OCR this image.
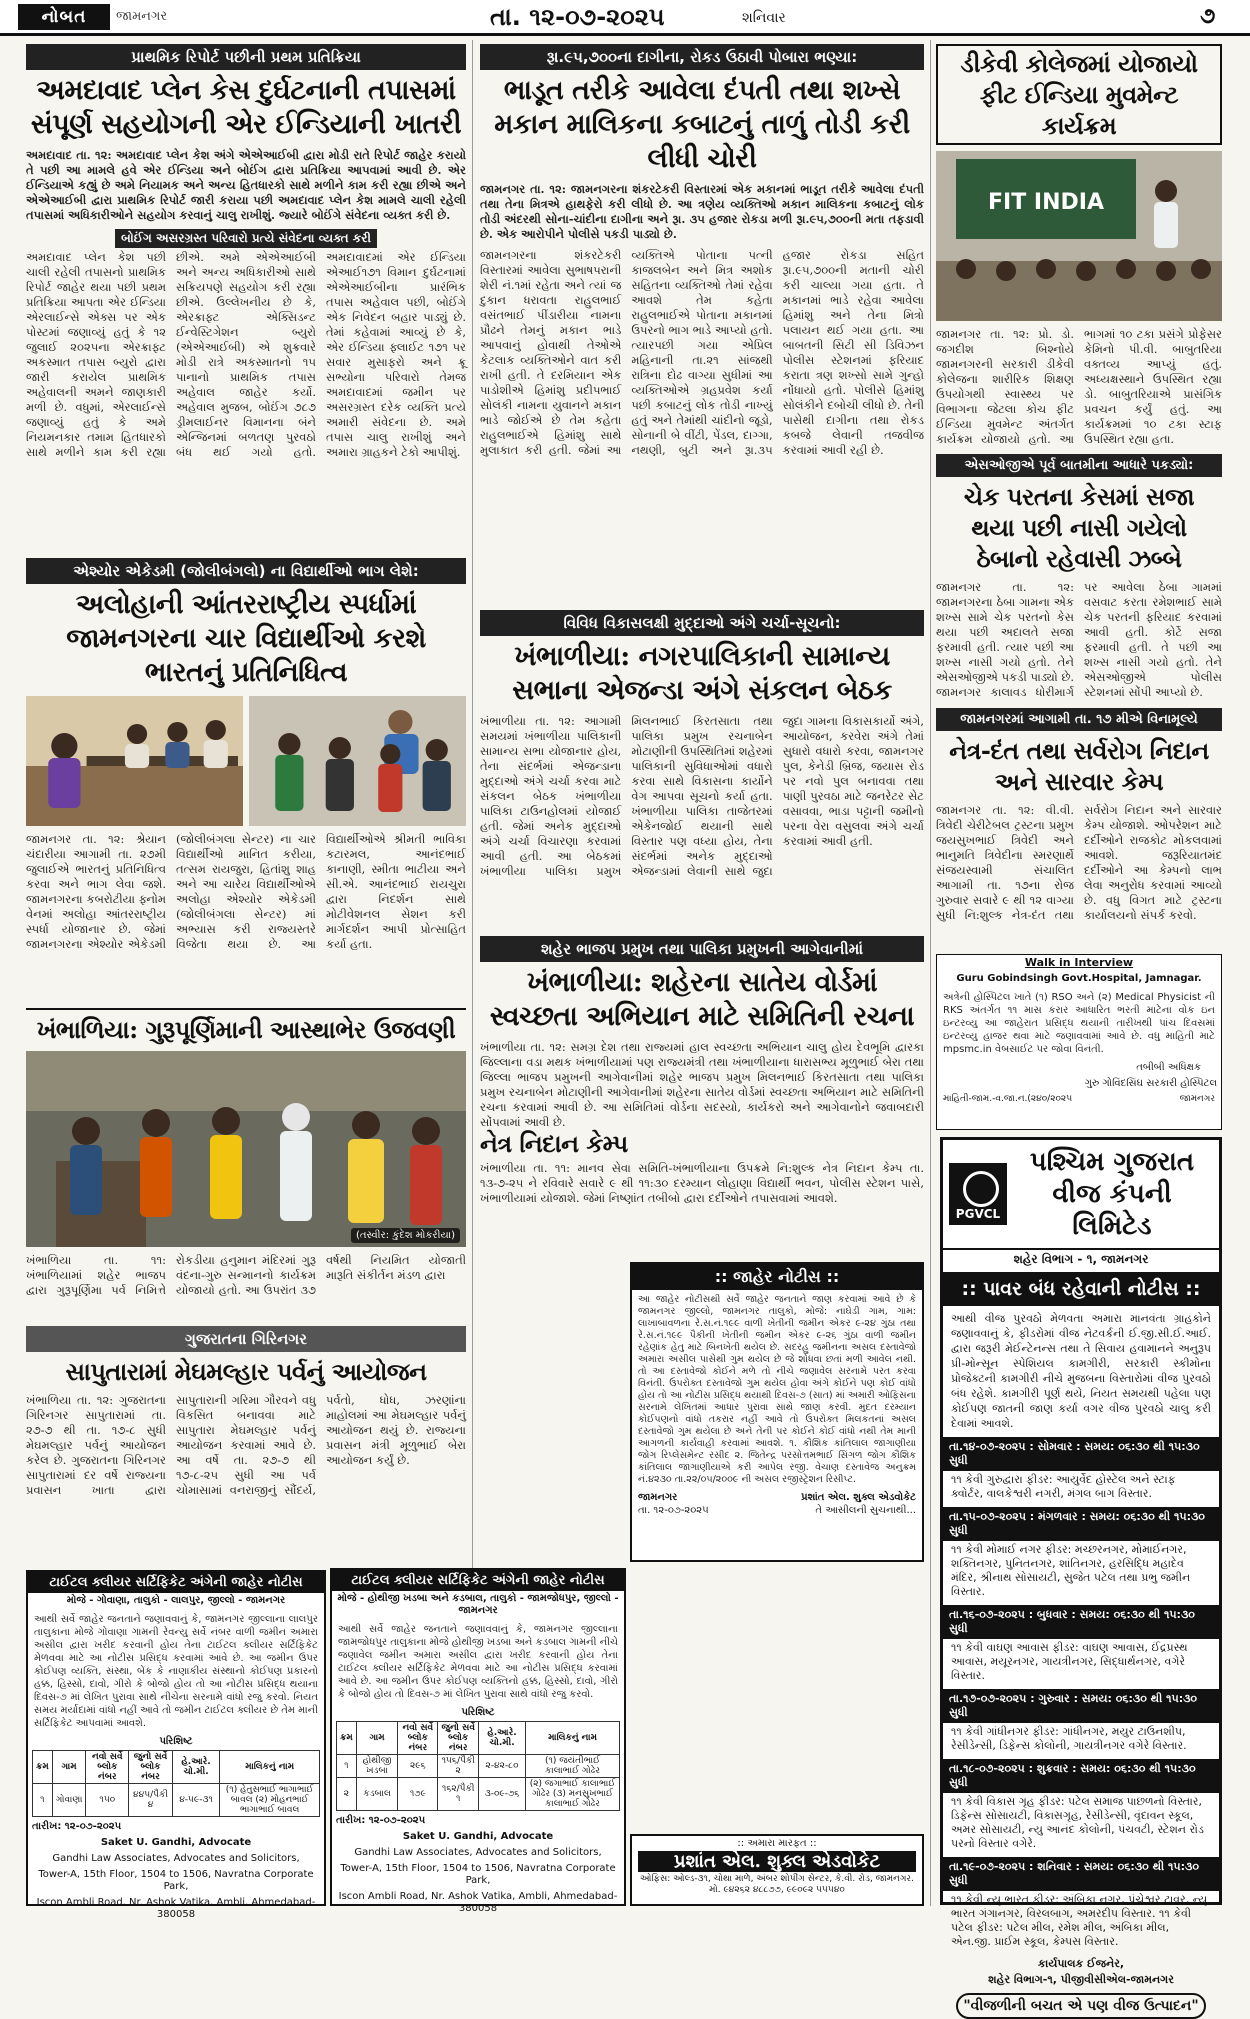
નોબત	જામનગર	તા. ૧૨-૦૭-૨૦૨૫	શનિવાર	૭
પ્રાથમિક રિપોર્ટ પછીની પ્રથમ પ્રતિક્રિયા
અમદાવાદ પ્લેન કેસ દુર્ઘટનાની તપાસમાં સંપૂર્ણ સહયોગની એર ઈન્ડિયાની ખાતરી
અમદાવાદ તા. ૧૨: અમદાવાદ પ્લેન કેશ અંગે એએઆઈબી દ્વારા મોડી રાતે રિપોર્ટ જાહેર કરાયો તે પછી આ મામલે હવે એર ઈન્ડિયા અને બોઈંગ દ્વારા પ્રતિક્રિયા આપવામાં આવી છે. એર ઈન્ડિયાએ કહ્યું છે અમે નિયામક અને અન્ય હિતધારકો સાથે મળીને કામ કરી રહ્યા છીએ અને એએઆઈબી દ્વારા પ્રાથમિક રિપોર્ટ જારી કરાયા પછી અમદાવાદ પ્લેન કેશ મામલે ચાલી રહેલી તપાસમાં અધિકારીઓને સહયોગ કરવાનું ચાલુ રાખીશું. જ્યારે બોઈંગે સંવેદના વ્યક્ત કરી છે.
બોઈંગ અસરગ્રસ્ત પરિવારો પ્રત્યે સંવેદના વ્યક્ત કરી
અમદાવાદ પ્લેન કેશ પછી ચાલી રહેલી તપાસનો પ્રાથમિક રિપોર્ટ જાહેર થયા પછી પ્રથમ પ્રતિક્રિયા આપતા એર ઈન્ડિયા એરલાઈન્સે એક્સ પર એક પોસ્ટમાં જણાવ્યું હતું કે ૧૨ જુલાઈ ૨૦૨૫ના એરક્રાફ્ટ અકસ્માત તપાસ બ્યુરો દ્વારા જારી કરાયેલ પ્રાથમિક અહેવાલની અમને જાણકારી મળી છે. વધુમાં, એરલાઈન્સે જણાવ્યું હતું કે અમે નિયમનકાર તમામ હિતધારકો સાથે મળીને કામ કરી રહ્યા છીએ. અમે એએઆઈબી અને અન્ય અધિકારીઓ સાથે સક્રિયપણે સહયોગ કરી રહ્યા છીએ. ઉલ્લેખનીય છે કે, એરક્રાફ્ટ એક્સિડન્ટ ઈન્વેસ્ટિગેશન બ્યુરો (એએઆઈબી) એ શુક્રવારે મોડી રાત્રે અકસ્માતનો ૧૫ પાનાનો પ્રાથમિક તપાસ અહેવાલ જાહેર કર્યો. અહેવાલ મુજબ, બોઈંગ ૭૮૭ ડ્રીમલાઈનર વિમાનના બંને એન્જિનમાં બળતણ પુરવઠો બંધ થઈ ગયો હતો. અમદાવાદમાં એર ઈન્ડિયા એઆઈ૧૭૧ વિમાન દુર્ઘટનામાં એએઆઈબીના પ્રારંભિક તપાસ અહેવાલ પછી, બોઈંગે એક નિવેદન બહાર પાડ્યું છે. તેમાં કહેવામાં આવ્યું છે કે, એર ઈન્ડિયા ફ્લાઈટ ૧૭૧ પર સવાર મુસાફરો અને ક્રૂ સભ્યોના પરિવારો તેમજ અમદાવાદમાં જમીન પર અસરગ્રસ્ત દરેક વ્યક્તિ પ્રત્યે અમારી સંવેદના છે. અમે તપાસ ચાલુ રાખીશું અને અમારા ગ્રાહકને ટેકો આપીશું.
એશ્યોર એકેડમી (જોલીબંગલો) ના વિદ્યાર્થીઓ ભાગ લેશે:
અલોહાની આંતરરાષ્ટ્રીય સ્પર્ધામાં જામનગરના ચાર વિદ્યાર્થીઓ કરશે ભારતનું પ્રતિનિધિત્વ
જામનગર તા. ૧૨: શ્રેયાન ચંદારીયા આગામી તા. ૨૭મી જુલાઈએ ભારતનું પ્રતિનિધિત્વ કરવા અને ભાગ લેવા જશે. જામનગરના કબરોટીયા ફ્નોમ વેનમાં અલોહા આંતરરાષ્ટ્રીય સ્પર્ધા યોજાનાર છે. જેમાં જામનગરના એશ્યોર એકેડમી (જોલીબંગલા સેન્ટર) ના ચાર વિદ્યાર્થીઓ માનિત કરીયા, તત્સમ રાયજુરા, હિતાંશુ શાહ અને આ ચારેય વિદ્યાર્થીઓએ અલોહા એશ્યોર એકેડમી (જોલીબંગલા સેન્ટર) માં અભ્યાસ કરી રાજ્યસ્તરે વિજેતા થયા છે. આ વિદ્યાર્થીઓએ શ્રીમતી ભાવિકા કટારમલ, આનંદભાઈ કાનાણી, સ્મીતા ભાટીયા અને સી.એ. આનંદભાઈ રાયચુરા દ્વારા નિદર્શન સાથે મોટીવેશનલ સેશન કરી માર્ગદર્શન આપી પ્રોત્સાહિત કર્યા હતા.
ખંભાળિયા: ગુરૂપૂર્ણિમાની આસ્થાભેર ઉજવણી
(તસ્વીર: કુંદેશ મોકરીયા)
ખંભાળિયા તા. ૧૧: ખંભાળિયામાં શહેર ભાજપ દ્વારા ગુરૂપૂર્ણિમા પર્વ નિમિત્તે રોકડીયા હનુમાન મંદિરમાં ગુરૂ વંદના-ગુરુ સન્માનનો કાર્યક્રમ યોજાયો હતો. આ ઉપરાંત ૩૭ વર્ષથી નિયમિત યોજાતી મારૂતિ સંકીર્તન મંડળ દ્વારા
ગુજરાતના ગિરિનગર
સાપુતારામાં મેઘમલ્હાર પર્વનું આયોજન
ખંભાળિયા તા. ૧૨: ગુજરાતના ગિરિનગર સાપુતારામાં તા. ૨૭-૭ થી તા. ૧૭-૮ સુધી મેઘમલ્હાર પર્વનું આયોજન કરેલ છે. ગુજરાતના ગિરિનગર સાપુતારામાં દર વર્ષે રાજ્યના પ્રવાસન ખાતા દ્વારા સાપુતારાની ગરિમા ગૌરવને વધુ વિકસિત બનાવવા માટે સાપુતારા મેઘમલ્હાર પર્વનું આયોજન કરવામાં આવે છે. આ વર્ષે તા. ૨૭-૭ થી ૧૭-૮-૨૫ સુધી આ પર્વ ચોમાસામાં વનરાજીનું સૌંદર્ય, પર્વતો, ધોધ, ઝરણાંના માહોલમાં આ મેઘમલ્હાર પર્વનું આયોજન થયું છે. રાજ્યના પ્રવાસન મંત્રી મૂળુભાઈ બેરા આયોજન કર્યું છે.
ટાઈટલ ક્લીયર સર્ટિફિકેટ અંગેની જાહેર નોટીસ
મોજે - ગોવાણા, તાલુકો - લાલપુર, જીલ્લો - જામનગર
આથી સર્વે જાહેર જનતાને જણાવવાનું કે, જામનગર જીલ્લાના લાલપુર તાલુકાના મોજે ગોવાણા ગામની રેવન્યુ સર્વે નંબર વાળી જમીન અમારા અસીલ દ્વારા ખરીદ કરવાની હોય તેના ટાઈટલ ક્લીયર સર્ટિફિકેટ મેળવવા માટે આ નોટીસ પ્રસિદ્ધ કરવામાં આવે છે. આ જમીન ઉપર કોઈપણ વ્યક્તિ, સંસ્થા, બેંક કે નાણાકીય સંસ્થાનો કોઈપણ પ્રકારનો હક્ક, હિસ્સો, દાવો, ગીરો કે બોજો હોય તો આ નોટીસ પ્રસિદ્ધ થયાના દિવસ-૭ માં લેખિત પુરાવા સાથે નીચેના સરનામે વાંધો રજુ કરવો. નિયત સમય મર્યાદામાં વાંધો નહીં આવે તો જમીન ટાઈટલ ક્લીયર છે તેમ માની સર્ટિફિકેટ આપવામાં આવશે.
પરિશિષ્ટ
ક્રમ	ગામ	નવો સર્વે બ્લોક નંબર	જુનો સર્વે બ્લોક નંબર	હે.આરે. ચો.મી.	માલિકનું નામ
૧	ગોવાણા	૧૫૦	૪૪૫/પૈકી ૪	૪-૫૯-૩૧	(૧) હેતુસભાઈ ભાગાભાઈ બાવલ (૨) મોહનભાઈ ભાગાભાઈ બાવલ
તારીખ: ૧૨-૦૭-૨૦૨૫
Saket U. Gandhi, Advocate
Gandhi Law Associates, Advocates and Solicitors,
Tower-A, 15th Floor, 1504 to 1506, Navratna Corporate Park,
Iscon Ambli Road, Nr. Ashok Vatika, Ambli, Ahmedabad-380058
રૂા.૯૫,૭૦૦ના દાગીના, રોકડ ઉઠાવી પોબારા ભણ્યા:
ભાડૂત તરીકે આવેલા દંપતી તથા શખ્સે મકાન માલિકના કબાટનું તાળું તોડી કરી લીધી ચોરી
જામનગર તા. ૧૨: જામનગરના શંકરટેકરી વિસ્તારમાં એક મકાનમાં ભાડૂત તરીકે આવેલા દંપતી તથા તેના મિત્રએ હાથફેરો કરી લીધો છે. આ ત્રણેય વ્યક્તિઓ મકાન માલિકના કબાટનું લોક તોડી અંદરથી સોના-ચાંદીના દાગીના અને રૂા. ૩૫ હજાર રોકડા મળી રૂા.૯૫,૭૦૦ની મતા તફડાવી છે. એક આરોપીને પોલીસે પકડી પાડ્યો છે.
જામનગરના શંકરટેકરી વિસ્તારમાં આવેલા સુભાષપરાની શેરી નં.૧માં રહેતા અને ત્યાં જ દુકાન ધરાવતા રાહુલભાઈ વસંતભાઈ પીંડારીયા નામના પ્રૌઢને તેમનું મકાન ભાડે આપવાનું હોવાથી તેઓએ કેટલાક વ્યક્તિઓને વાત કરી રાખી હતી. તે દરમિયાન એક પાડોશીએ હિમાંશુ પ્રદીપભાઈ સોલંકી નામના યુવાનને મકાન ભાડે જોઈએ છે તેમ કહેતા રાહુલભાઈએ હિમાંશુ સાથે મુલાકાત કરી હતી. જેમાં આ વ્યક્તિએ પોતાના પત્ની કાજલબેન અને મિત્ર અશોક સહિતના વ્યક્તિઓ તેમાં રહેવા આવશે તેમ કહેતા રાહુલભાઈએ પોતાના મકાનમાં ઉપરનો ભાગ ભાડે આપ્યો હતો. ત્યારપછી ગયા એપ્રિલ મહિનાની તા.૨૧ સાંજથી રાત્રિના દોઢ વાગ્યા સુધીમાં આ વ્યક્તિઓએ ગ્રહપ્રવેશ કર્યા પછી કબાટનું લોક તોડી નાખ્યું હતું અને તેમાંથી ચાંદીનો જૂડો, સોનાની બે વીંટી, પેંડલ, દાગ્ગા, નથણી, બુટી અને રૂા.૩૫ હજાર રોકડા સહિત રૂા.૯૫,૭૦૦ની મતાની ચોરી કરી ચાલ્યા ગયા હતા. તે મકાનમાં ભાડે રહેવા આવેલા હિમાંશુ અને તેના મિત્રો પલાયન થઈ ગયા હતા. આ બાબતની સિટી સી ડિવિઝન પોલીસ સ્ટેશનમાં ફરિયાદ કરાતા ત્રણ શખ્સો સામે ગુન્હો નોંધાયો હતો. પોલીસે હિમાંશુ સોલંકીને દબોચી લીધો છે. તેની પાસેથી દાગીના તથા રોકડ કબજે લેવાની તજવીજ કરવામાં આવી રહી છે.
વિવિધ વિકાસલક્ષી મુદ્દાઓ અંગે ચર્ચા-સૂચનો:
ખંભાળીયા: નગરપાલિકાની સામાન્ય સભાના એજન્ડા અંગે સંકલન બેઠક
ખંભાળીયા તા. ૧૨: આગામી સમયમાં ખંભાળીયા પાલિકાની સામાન્ય સભા યોજાનાર હોય, તેના સંદર્ભમાં એજન્ડાના મુદ્દાઓ અંગે ચર્ચા કરવા માટે સંકલન બેઠક ખંભાળીયા પાલિકા ટાઉનહોલમાં યોજાઈ હતી. જેમાં અનેક મુદ્દાઓ અંગે ચર્ચા વિચારણા કરવામાં આવી હતી. આ બેઠકમાં ખંભાળીયા પાલિકા પ્રમુખ મિલનભાઈ કિરતસાતા તથા પાલિકા પ્રમુખ રચનાબેન મોટાણીની ઉપસ્થિતિમાં શહેરમાં પાલિકાની સુવિધાઓમાં વધારો કરવા સાથે વિકાસના કાર્યોને વેગ આપવા સૂચનો કર્યા હતા. ખંભાળીયા પાલિકા તાજેતરમાં એકેનજોઈ થયાની સાથે વિસ્તાર પણ વધ્યા હોય, તેના સંદર્ભમાં અનેક મુદ્દાઓ એજન્ડામાં લેવાની સાથે જુદા જુદા ગામના વિકાસકાર્યો અંગે, આયોજન, કરવેરા અંગે તેમાં સુધારો વધારો કરવા, જામનગર પુલ, કેનેડી બ્રિજ, જયાસ રોડ પર નવો પુલ બનાવવા તથા પાણી પુરવઠા માટે જનરેટર સેટ વસાવવા, ભાડા પટ્ટાની જમીનો પરના વેરા વસુલવા અંગે ચર્ચા કરવામાં આવી હતી.
શહેર ભાજપ પ્રમુખ તથા પાલિકા પ્રમુખની આગેવાનીમાં
ખંભાળીયા: શહેરના સાતેય વોર્ડમાં સ્વચ્છતા અભિયાન માટે સમિતિની રચના
ખંભાળીયા તા. ૧૨: સમગ્ર દેશ તથા રાજ્યમાં હાલ સ્વચ્છતા અભિયાન ચાલુ હોય દેવભૂમિ દ્વારકા જિલ્લાના વડા મથક ખંભાળીયામાં પણ રાજ્યમંત્રી તથા ખંભાળીયાના ધારાસભ્ય મૂળુભાઈ બેરા તથા જિલ્લા ભાજપ પ્રમુખની આગેવાનીમાં શહેર ભાજપ પ્રમુખ મિલનભાઈ કિરતસાતા તથા પાલિકા પ્રમુખ રચનાબેન મોટાણીની આગેવાનીમાં શહેરના સાતેય વોર્ડમાં સ્વચ્છતા અભિયાન માટે સમિતિની રચના કરવામાં આવી છે. આ સમિતિમાં વોર્ડના સદસ્યો, કાર્યકરો અને આગેવાનોને જવાબદારી સોંપવામાં આવી છે.
નેત્ર નિદાન કેમ્પ
ખંભાળીયા તા. ૧૧: માનવ સેવા સમિતિ-ખંભાળીયાના ઉપક્રમે નિ:શુલ્ક નેત્ર નિદાન કેમ્પ તા. ૧૩-૭-૨૫ ને રવિવારે સવારે ૯ થી ૧૧:૩૦ દરમ્યાન લોહાણા વિદ્યાર્થી ભવન, પોલીસ સ્ટેશન પાસે, ખંભાળીયામાં યોજાશે. જેમાં નિષ્ણાંત તબીબો દ્વારા દર્દીઓને તપાસવામાં આવશે.
:: જાહેર નોટીસ ::
આ જાહેર નોટીસથી સર્વે જાહેર જનતાને જાણ કરવામાં આવે છે કે જામનગર જીલ્લો, જામનગર તાલુકો, મોજે: નાઘેડી ગામ, ગામ: લાખાબાવળના રે.સ.નં.૧૯૯ વાળી ખેતીની જમીન એકર ૯-૨૪ ગુંઠા તથા રે.સ.નં.૧૯૯ પૈકીની ખેતીની જમીન એકર ૯-૨૬ ગુંઠા વાળી જમીન રહેણાંક હેતુ માટે બિનખેતી થયેલ છે. સદરહુ જમીનના અસલ દસ્તાવેજો અમારા અસીલ પાસેથી ગુમ થયેલ છે જે શોધવા છતાં મળી આવેલ નથી. તો આ દસ્તાવેજો કોઈને મળે તો નીચે જણાવેલ સરનામે પરત કરવા વિનંતી. ઉપરોક્ત દસ્તાવેજો ગુમ થયેલ હોવા અંગે કોઈને પણ કોઈ વાંધો હોય તો આ નોટીસ પ્રસિદ્ધ થયાથી દિવસ-૭ (સાત) માં અમારી ઓફિસના સરનામે લેખિતમાં આધાર પુરાવા સાથે જાણ કરવી. મુદત દરમ્યાન કોઈપણનો વાંધો તકરાર નહીં આવે તો ઉપરોક્ત મિલકતનાં અસલ દસ્તાવેજો ગુમ થયેલા છે અને તેની પર કોઈને કોઈ વાંધો નથી તેમ માની આગળની કાર્યવાહી કરવામાં આવશે. ૧. કૌશિક કાંતિલાલ જાગાણીયા જોગ રિપ્લેસમેન્ટ રસીદ ૨. જિતેન્દ્ર પરસોત્તમભાઈ સિંગળ જોગ કૌશિક કાંતિલાલ જાગાણીયાએ કરી આપેલ રજી. વેચાણ દસ્તાવેજ અનુક્રમ નં.૪૨૩૦ તા.૨૨/૦૫/૨૦૦૯ ની અસલ રજીસ્ટ્રેશન રિસીપ્ટ.
જામનગર	પ્રશાંત એલ. શુક્લ એડવોકેટ
તા. ૧૨-૦૭-૨૦૨૫	તે આસીલની સુચનાથી...
ટાઈટલ ક્લીયર સર્ટિફિકેટ અંગેની જાહેર નોટીસ
મોજે - હોથીજી ખડબા અને કડબાલ, તાલુકો - જામજોધપુર, જીલ્લો - જામનગર
આથી સર્વે જાહેર જનતાને જણાવવાનું કે, જામનગર જીલ્લાના જામજોધપુર તાલુકાના મોજે હોથીજી ખડબા અને કડબાલ ગામની નીચે જણાવેલ જમીન અમારા અસીલ દ્વારા ખરીદ કરવાની હોય તેના ટાઈટલ ક્લીયર સર્ટિફિકેટ મેળવવા માટે આ નોટીસ પ્રસિદ્ધ કરવામાં આવે છે. આ જમીન ઉપર કોઈપણ વ્યક્તિનો હક્ક, હિસ્સો, દાવો, ગીરો કે બોજો હોય તો દિવસ-૭ માં લેખિત પુરાવા સાથે વાંધો રજુ કરવો.
પરિશિષ્ટ
ક્રમ	ગામ	નવો સર્વે બ્લોક નંબર	જુનો સર્વે બ્લોક નંબર	હે.આરે. ચો.મી.	માલિકનું નામ
૧	હોથીજી ખડબા	૨૯૬	૧૫૬/પૈકી ૨	૨-૪૨-૮૦	(૧) જયંતીભાઈ કાલાભાઈ ગોઢેર
૨	કડબાલ	૧૭૯	૧૬૨/પૈકી ૧	૩-૦૯-૭૬	(૨) જગાભાઈ કાલાભાઈ ગોઢેર (૩) મનસુખભાઈ કાલાભાઈ ગોઢેર
તારીખ: ૧૨-૦૭-૨૦૨૫
Saket U. Gandhi, Advocate
Gandhi Law Associates, Advocates and Solicitors,
Tower-A, 15th Floor, 1504 to 1506, Navratna Corporate Park,
Iscon Ambli Road, Nr. Ashok Vatika, Ambli, Ahmedabad-380058
:: અમારા મારફત ::
પ્રશાંત એલ. શુક્લ એડવોકેટ
ઓફિસ: ઓલ્ડ-૩૧, ચોથા માળે, અંબર શોપીંગ સેન્ટર, કે.વી. રોડ, જામનગર. મો. ૯૪૨૬૨ ૪૮૮૭૭, ૯૯૦૯૨ ૫૫૫૪૦
ડીકેવી કોલેજમાં યોજાયો ફીટ ઈન્ડિયા મુવમેન્ટ કાર્યક્રમ
FIT INDIA
જામનગર તા. ૧૨: પ્રો. ડો. જગદીશ બિશ્નોયે જામનગરની સરકારી ડીકેવી કોલેજના શારીરિક શિક્ષણ ઉપયોગથી સ્વાસ્થ્ય પર વિભાગના જેટલા કોચ ફીટ ઈન્ડિયા મુવમેન્ટ અંતર્ગત કાર્યક્રમ યોજાયો હતો. આ ભાગમાં ૧૦ ટકા પ્રસંગે પ્રોફેસર કેમિનો પી.વી. બાબુતરિયા વક્તવ્ય આપ્યું હતું. અધ્યક્ષસ્થાને ઉપસ્થિત રહ્યા ડો. બાબુતરિયાએ પ્રાસંગિક પ્રવચન કર્યું હતું. આ કાર્યક્રમમાં ૧૦ ટકા સ્ટાફ ઉપસ્થિત રહ્યા હતા.
એસઓજીએ પૂર્વ બાતમીના આધારે પકડ્યો:
ચેક પરતના કેસમાં સજા થયા પછી નાસી ગયેલો ઠેબાનો રહેવાસી ઝબ્બે
જામનગર તા. ૧૨: જામનગરના ઠેબા ગામના એક શખ્સ સામે ચેક પરતનો કેસ થયા પછી અદાલતે સજા ફરમાવી હતી. ત્યાર પછી આ શખ્સ નાસી ગયો હતો. તેને એસઓજીએ પકડી પાડ્યો છે. જામનગર કાલાવડ ધોરીમાર્ગ પર આવેલા ઠેબા ગામમાં વસવાટ કરતા રમેશભાઈ સામે ચેક પરતની ફરિયાદ કરવામાં આવી હતી. કોર્ટે સજા ફરમાવી હતી. તે પછી આ શખ્સ નાસી ગયો હતો. તેને એસઓજીએ પોલીસ સ્ટેશનમાં સોંપી આપ્યો છે.
જામનગરમાં આગામી તા. ૧૭ મીએ વિનામૂલ્યે
નેત્ર-દંત તથા સર્વરોગ નિદાન અને સારવાર કેમ્પ
જામનગર તા. ૧૨: વી.વી. ત્રિવેદી ચેરીટેબલ ટ્રસ્ટના પ્રમુખ જયસુખભાઈ ત્રિવેદી અને ભાનુમતિ ત્રિવેદીના સ્મરણાર્થે સંજયસ્વામી સંચાલિત આગામી તા. ૧૭ના રોજ ગુરુવાર સવારે ૯ થી ૧૨ વાગ્યા સુધી નિ:શુલ્ક નેત્ર-દંત તથા સર્વરોગ નિદાન અને સારવાર કેમ્પ યોજાશે. ઓપરેશન માટે દર્દીઓને રાજકોટ મોકલવામાં આવશે. જરૂરિયાતમંદ દર્દીઓને આ કેમ્પનો લાભ લેવા અનુરોધ કરવામાં આવ્યો છે. વધુ વિગત માટે ટ્રસ્ટના કાર્યાલયનો સંપર્ક કરવો.
Walk in Interview
Guru Gobindsingh Govt.Hospital, Jamnagar.
અત્રેની હોસ્પિટલ ખાતે (૧) RSO અને (૨) Medical Physicist ની RKS અંતર્ગત ૧૧ માસ કરાર આધારિત ભરતી માટેના વોક ઇન ઇન્ટરવ્યુ આ જાહેરાત પ્રસિદ્ધ થયાની તારીખથી પાંચ દિવસમાં ઇન્ટરવ્યુ હાજર થવા માટે જણાવવામાં આવે છે. વધુ માહિતી માટે mpsmc.in વેબસાઈટ પર જોવા વિનંતી.
તબીબી અધિક્ષક
ગુરુ ગોવિંદસિંઘ સરકારી હોસ્પિટલ
માહિતી-જામ.-વ.જા.ન.(૨૪૦/૨૦૨૫	જામનગર
PGVCL
પશ્ચિમ ગુજરાત વીજ કંપની લિમિટેડ
શહેર વિભાગ - ૧, જામનગર
:: પાવર બંધ રહેવાની નોટીસ ::
આથી વીજ પુરવઠો મેળવતા અમારા માનવંતા ગ્રાહકોને જણાવવાનું કે, ફીડરોમાં વીજ નેટવર્કની ઈ.જી.સી.ઈ.આઈ. દ્વારા જરૂરી મેઈન્ટેનન્સ તથા તે સિવાય હવામાનને અનુરૂપ પ્રી-મોન્સૂન સ્પેશિયલ કામગીરી, સરકારી સ્કીમોના પ્રોજેક્ટની કામગીરી નીચે મુજબના વિસ્તારોમાં વીજ પુરવઠો બંધ રહેશે. કામગીરી પૂર્ણ થયે, નિયત સમયથી પહેલા પણ કોઈપણ જાતની જાણ કર્યા વગર વીજ પુરવઠો ચાલુ કરી દેવામાં આવશે.
તા.૧૪-૦૭-૨૦૨૫ : સોમવાર : સમય: ૦૬:૩૦ થી ૧૫:૩૦ સુધી
૧૧ કેવી ગુરુદ્વારા ફીડર: આયુર્વેદ હોસ્ટેલ અને સ્ટાફ ક્વોર્ટર, વાલકેશ્વરી નગરી, મંગલ બાગ વિસ્તાર.
તા.૧૫-૦૭-૨૦૨૫ : મંગળવાર : સમય: ૦૬:૩૦ થી ૧૫:૩૦ સુધી
૧૧ કેવી મોમાઈ નગર ફીડર: મચ્છરનગર, મોમાઈનગર, શક્તિનગર, પુનિતનગર, શાંતિનગર, હરસિદ્ધિ મહાદેવ મંદિર, શ્રીનાથ સોસાયટી, સુજેત પટેલ તથા પ્રભુ જમીન વિસ્તાર.
તા.૧૬-૦૭-૨૦૨૫ : બુધવાર : સમય: ૦૬:૩૦ થી ૧૫:૩૦ સુધી
૧૧ કેવી વાઘણ આવાસ ફીડર: વાઘણ આવાસ, ઈંદ્રપ્રસ્થ આવાસ, મયૂરનગર, ગાયત્રીનગર, સિદ્ધાર્થનગર, વગેરે વિસ્તાર.
તા.૧૭-૦૭-૨૦૨૫ : ગુરુવાર : સમય: ૦૬:૩૦ થી ૧૫:૩૦ સુધી
૧૧ કેવી ગાંધીનગર ફીડર: ગાંધીનગર, મયુર ટાઉનશીપ, રેસીડેન્સી, ડિફેન્સ કોલોની, ગાયત્રીનગર વગેરે વિસ્તાર.
તા.૧૮-૦૭-૨૦૨૫ : શુક્રવાર : સમય: ૦૬:૩૦ થી ૧૫:૩૦ સુધી
૧૧ કેવી વિકાસ ગૃહ ફીડર: પટેલ સમાજ પાછળનો વિસ્તાર, ડિફેન્સ સોસાયટી, વિકાસગૃહ, રેસીડેન્સી, વૃંદાવન સ્કૂલ, અમર સોસાયટી, ન્યુ આનંદ કોલોની, પંચવટી, સ્ટેશન રોડ પરનો વિસ્તાર વગેરે.
તા.૧૯-૦૭-૨૦૨૫ : શનિવાર : સમય: ૦૬:૩૦ થી ૧૫:૩૦ સુધી
૧૧ કેવી ન્યુ ભારત ફીડર: અંબિકા નગર, પંચેશ્વર ટાવર, ન્યુ ભારત ગંગાનગર, વિરલબાગ, અમરદીપ વિસ્તાર. ૧૧ કેવી પટેલ ફીડર: પટેલ મીલ, રમેશ મીલ, અંબિકા મીલ, એન.જી. પ્રાઈમ સ્કૂલ, કેમ્પસ વિસ્તાર.
કાર્યપાલક ઈજનેર,
શહેર વિભાગ-૧, પીજીવીસીએલ-જામનગર
"વીજળીની બચત એ પણ વીજ ઉત્પાદન"
